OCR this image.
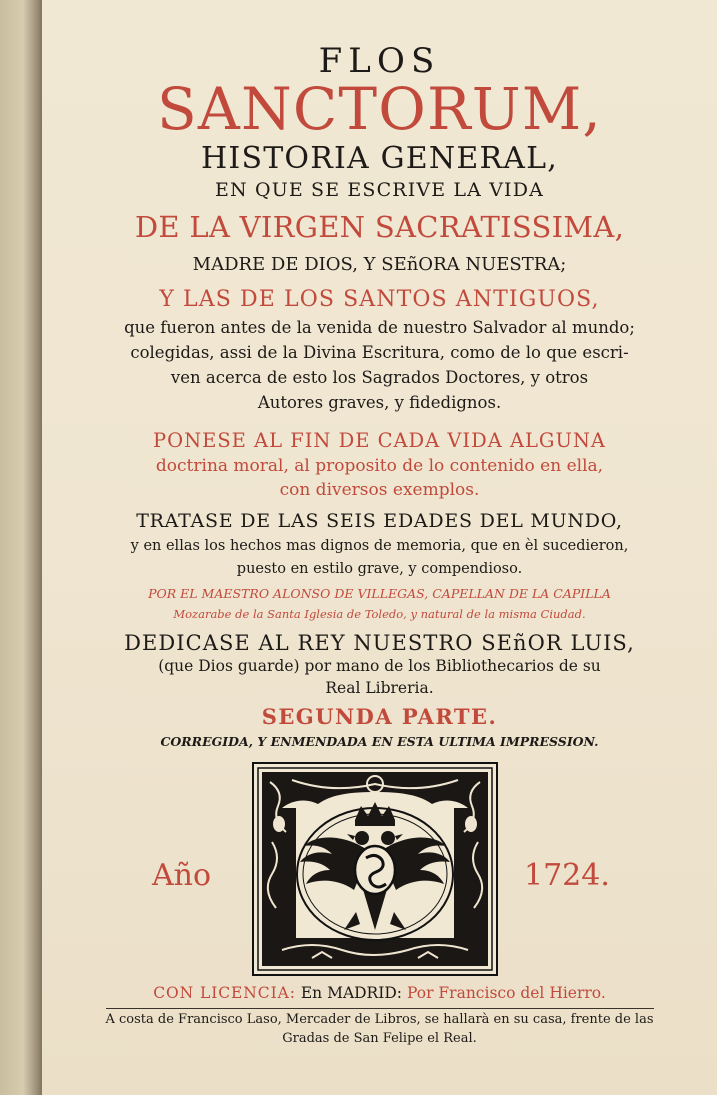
FLOS
SANCTORUM,
HISTORIA GENERAL,
EN QUE SE ESCRIVE LA VIDA
DE LA VIRGEN SACRATISSIMA,
MADRE DE DIOS, Y SEñORA NUESTRA;
Y LAS DE LOS SANTOS ANTIGUOS,
que fueron antes de la venida de nuestro Salvador al mundo;
colegidas, assi de la Divina Escritura, como de lo que escri-
ven acerca de esto los Sagrados Doctores, y otros
Autores graves, y fidedignos.
PONESE AL FIN DE CADA VIDA ALGUNA
doctrina moral, al proposito de lo contenido en ella,
con diversos exemplos.
TRATASE DE LAS SEIS EDADES DEL MUNDO,
y en ellas los hechos mas dignos de memoria, que en èl sucedieron,
puesto en estilo grave, y compendioso.
POR EL MAESTRO ALONSO DE VILLEGAS, CAPELLAN DE LA CAPILLA
Mozarabe de la Santa Iglesia de Toledo, y natural de la misma Ciudad.
DEDICASE AL REY NUESTRO SEñOR LUIS,
(que Dios guarde) por mano de los Bibliothecarios de su
Real Libreria.
SEGUNDA PARTE.
CORREGIDA, Y ENMENDADA EN ESTA ULTIMA IMPRESSION.
Año	1724.
CON LICENCIA: En MADRID: Por Francisco del Hierro.
A costa de Francisco Laso, Mercader de Libros, se hallarà en su casa, frente de las
Gradas de San Felipe el Real.
